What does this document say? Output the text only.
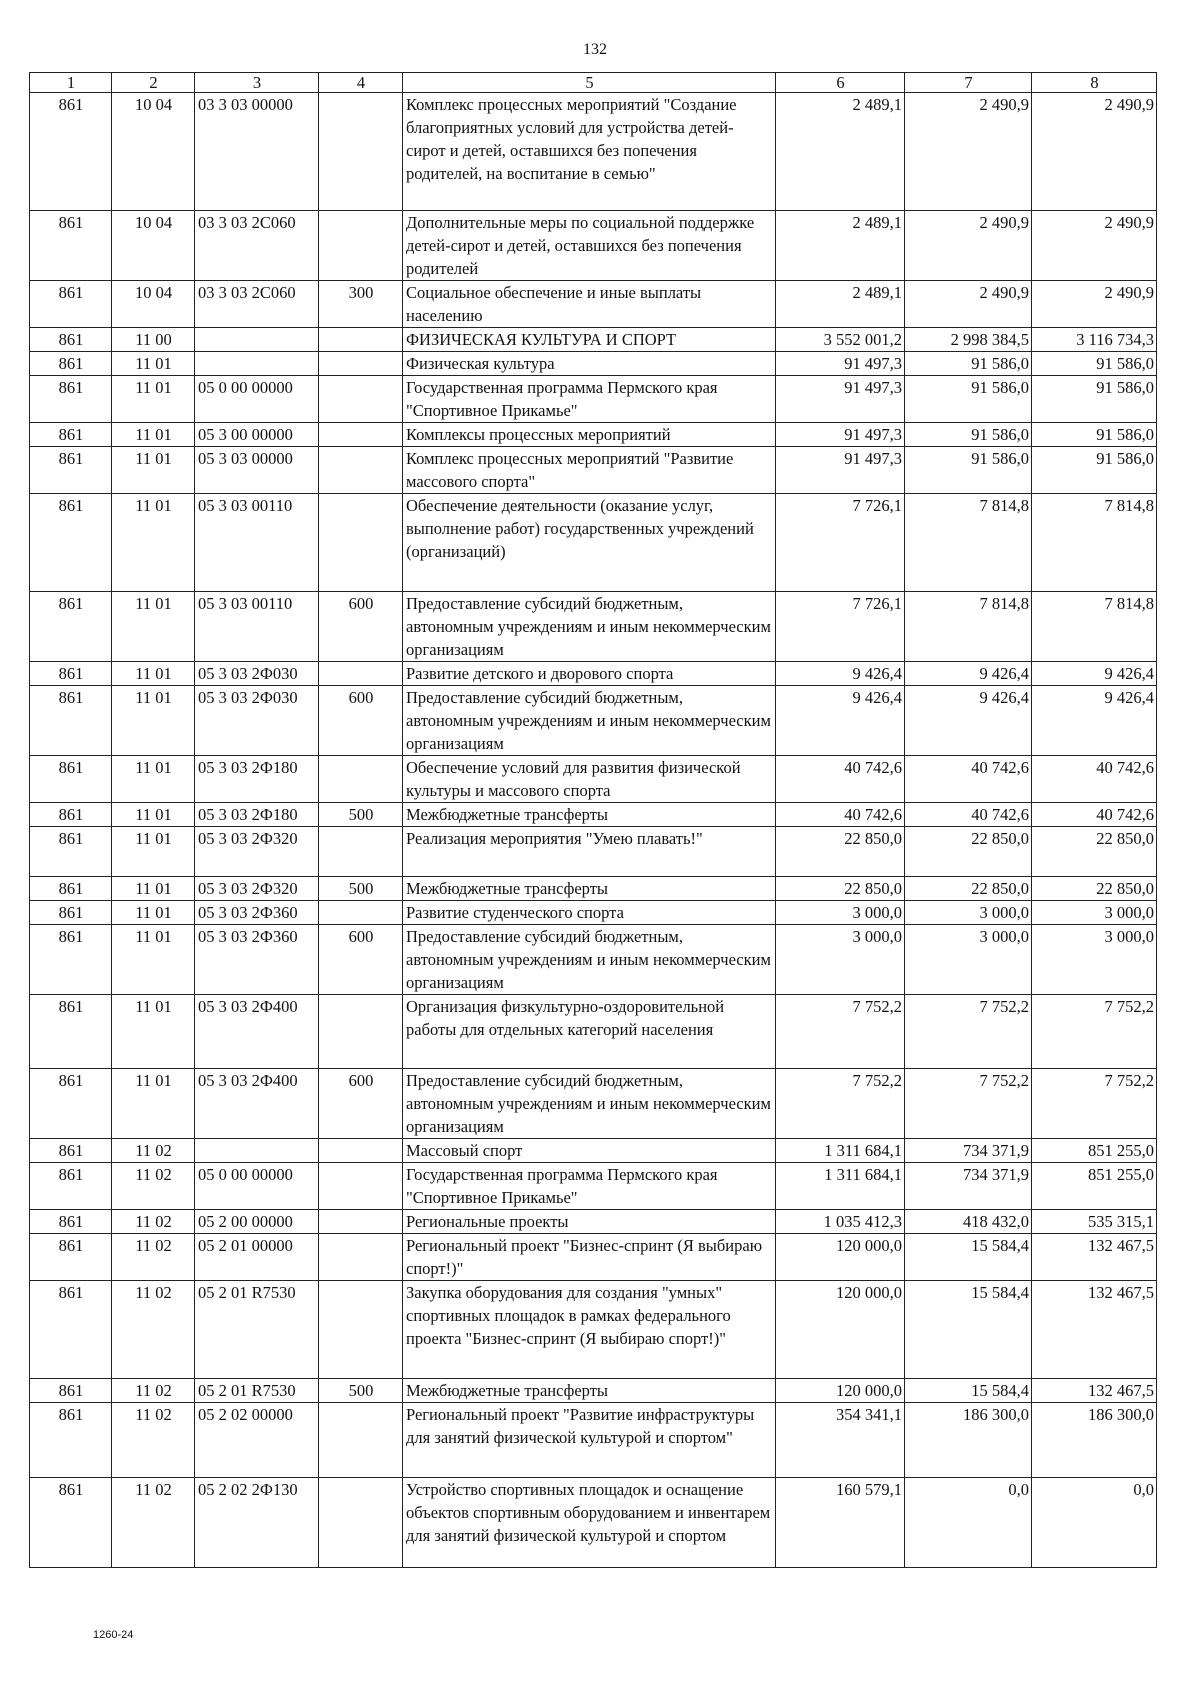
132
1	2	3	4	5	6	7	8
861	10 04	03 3 03 00000		Комплекс процессных мероприятий "Создание благоприятных условий для устройства детей-сирот и детей, оставшихся без попечения родителей, на воспитание в семью"	2 489,1	2 490,9	2 490,9
861	10 04	03 3 03 2С060		Дополнительные меры по социальной поддержке детей-сирот и детей, оставшихся без попечения родителей	2 489,1	2 490,9	2 490,9
861	10 04	03 3 03 2С060	300	Социальное обеспечение и иные выплаты населению	2 489,1	2 490,9	2 490,9
861	11 00			ФИЗИЧЕСКАЯ КУЛЬТУРА И СПОРТ	3 552 001,2	2 998 384,5	3 116 734,3
861	11 01			Физическая культура	91 497,3	91 586,0	91 586,0
861	11 01	05 0 00 00000		Государственная программа Пермского края "Спортивное Прикамье"	91 497,3	91 586,0	91 586,0
861	11 01	05 3 00 00000		Комплексы процессных мероприятий	91 497,3	91 586,0	91 586,0
861	11 01	05 3 03 00000		Комплекс процессных мероприятий "Развитие массового спорта"	91 497,3	91 586,0	91 586,0
861	11 01	05 3 03 00110		Обеспечение деятельности (оказание услуг, выполнение работ) государственных учреждений (организаций)	7 726,1	7 814,8	7 814,8
861	11 01	05 3 03 00110	600	Предоставление субсидий бюджетным, автономным учреждениям и иным некоммерческим организациям	7 726,1	7 814,8	7 814,8
861	11 01	05 3 03 2Ф030		Развитие детского и дворового спорта	9 426,4	9 426,4	9 426,4
861	11 01	05 3 03 2Ф030	600	Предоставление субсидий бюджетным, автономным учреждениям и иным некоммерческим организациям	9 426,4	9 426,4	9 426,4
861	11 01	05 3 03 2Ф180		Обеспечение условий для развития физической культуры и массового спорта	40 742,6	40 742,6	40 742,6
861	11 01	05 3 03 2Ф180	500	Межбюджетные трансферты	40 742,6	40 742,6	40 742,6
861	11 01	05 3 03 2Ф320		Реализация мероприятия "Умею плавать!"	22 850,0	22 850,0	22 850,0
861	11 01	05 3 03 2Ф320	500	Межбюджетные трансферты	22 850,0	22 850,0	22 850,0
861	11 01	05 3 03 2Ф360		Развитие студенческого спорта	3 000,0	3 000,0	3 000,0
861	11 01	05 3 03 2Ф360	600	Предоставление субсидий бюджетным, автономным учреждениям и иным некоммерческим организациям	3 000,0	3 000,0	3 000,0
861	11 01	05 3 03 2Ф400		Организация физкультурно-оздоровительной работы для отдельных категорий населения	7 752,2	7 752,2	7 752,2
861	11 01	05 3 03 2Ф400	600	Предоставление субсидий бюджетным, автономным учреждениям и иным некоммерческим организациям	7 752,2	7 752,2	7 752,2
861	11 02			Массовый спорт	1 311 684,1	734 371,9	851 255,0
861	11 02	05 0 00 00000		Государственная программа Пермского края "Спортивное Прикамье"	1 311 684,1	734 371,9	851 255,0
861	11 02	05 2 00 00000		Региональные проекты	1 035 412,3	418 432,0	535 315,1
861	11 02	05 2 01 00000		Региональный проект "Бизнес-спринт (Я выбираю спорт!)"	120 000,0	15 584,4	132 467,5
861	11 02	05 2 01 R7530		Закупка оборудования для создания "умных" спортивных площадок в рамках федерального проекта "Бизнес-спринт (Я выбираю спорт!)"	120 000,0	15 584,4	132 467,5
861	11 02	05 2 01 R7530	500	Межбюджетные трансферты	120 000,0	15 584,4	132 467,5
861	11 02	05 2 02 00000		Региональный проект "Развитие инфраструктуры для занятий физической культурой и спортом"	354 341,1	186 300,0	186 300,0
861	11 02	05 2 02 2Ф130		Устройство спортивных площадок и оснащение объектов спортивным оборудованием и инвентарем для занятий физической культурой и спортом	160 579,1	0,0	0,0
1260-24
